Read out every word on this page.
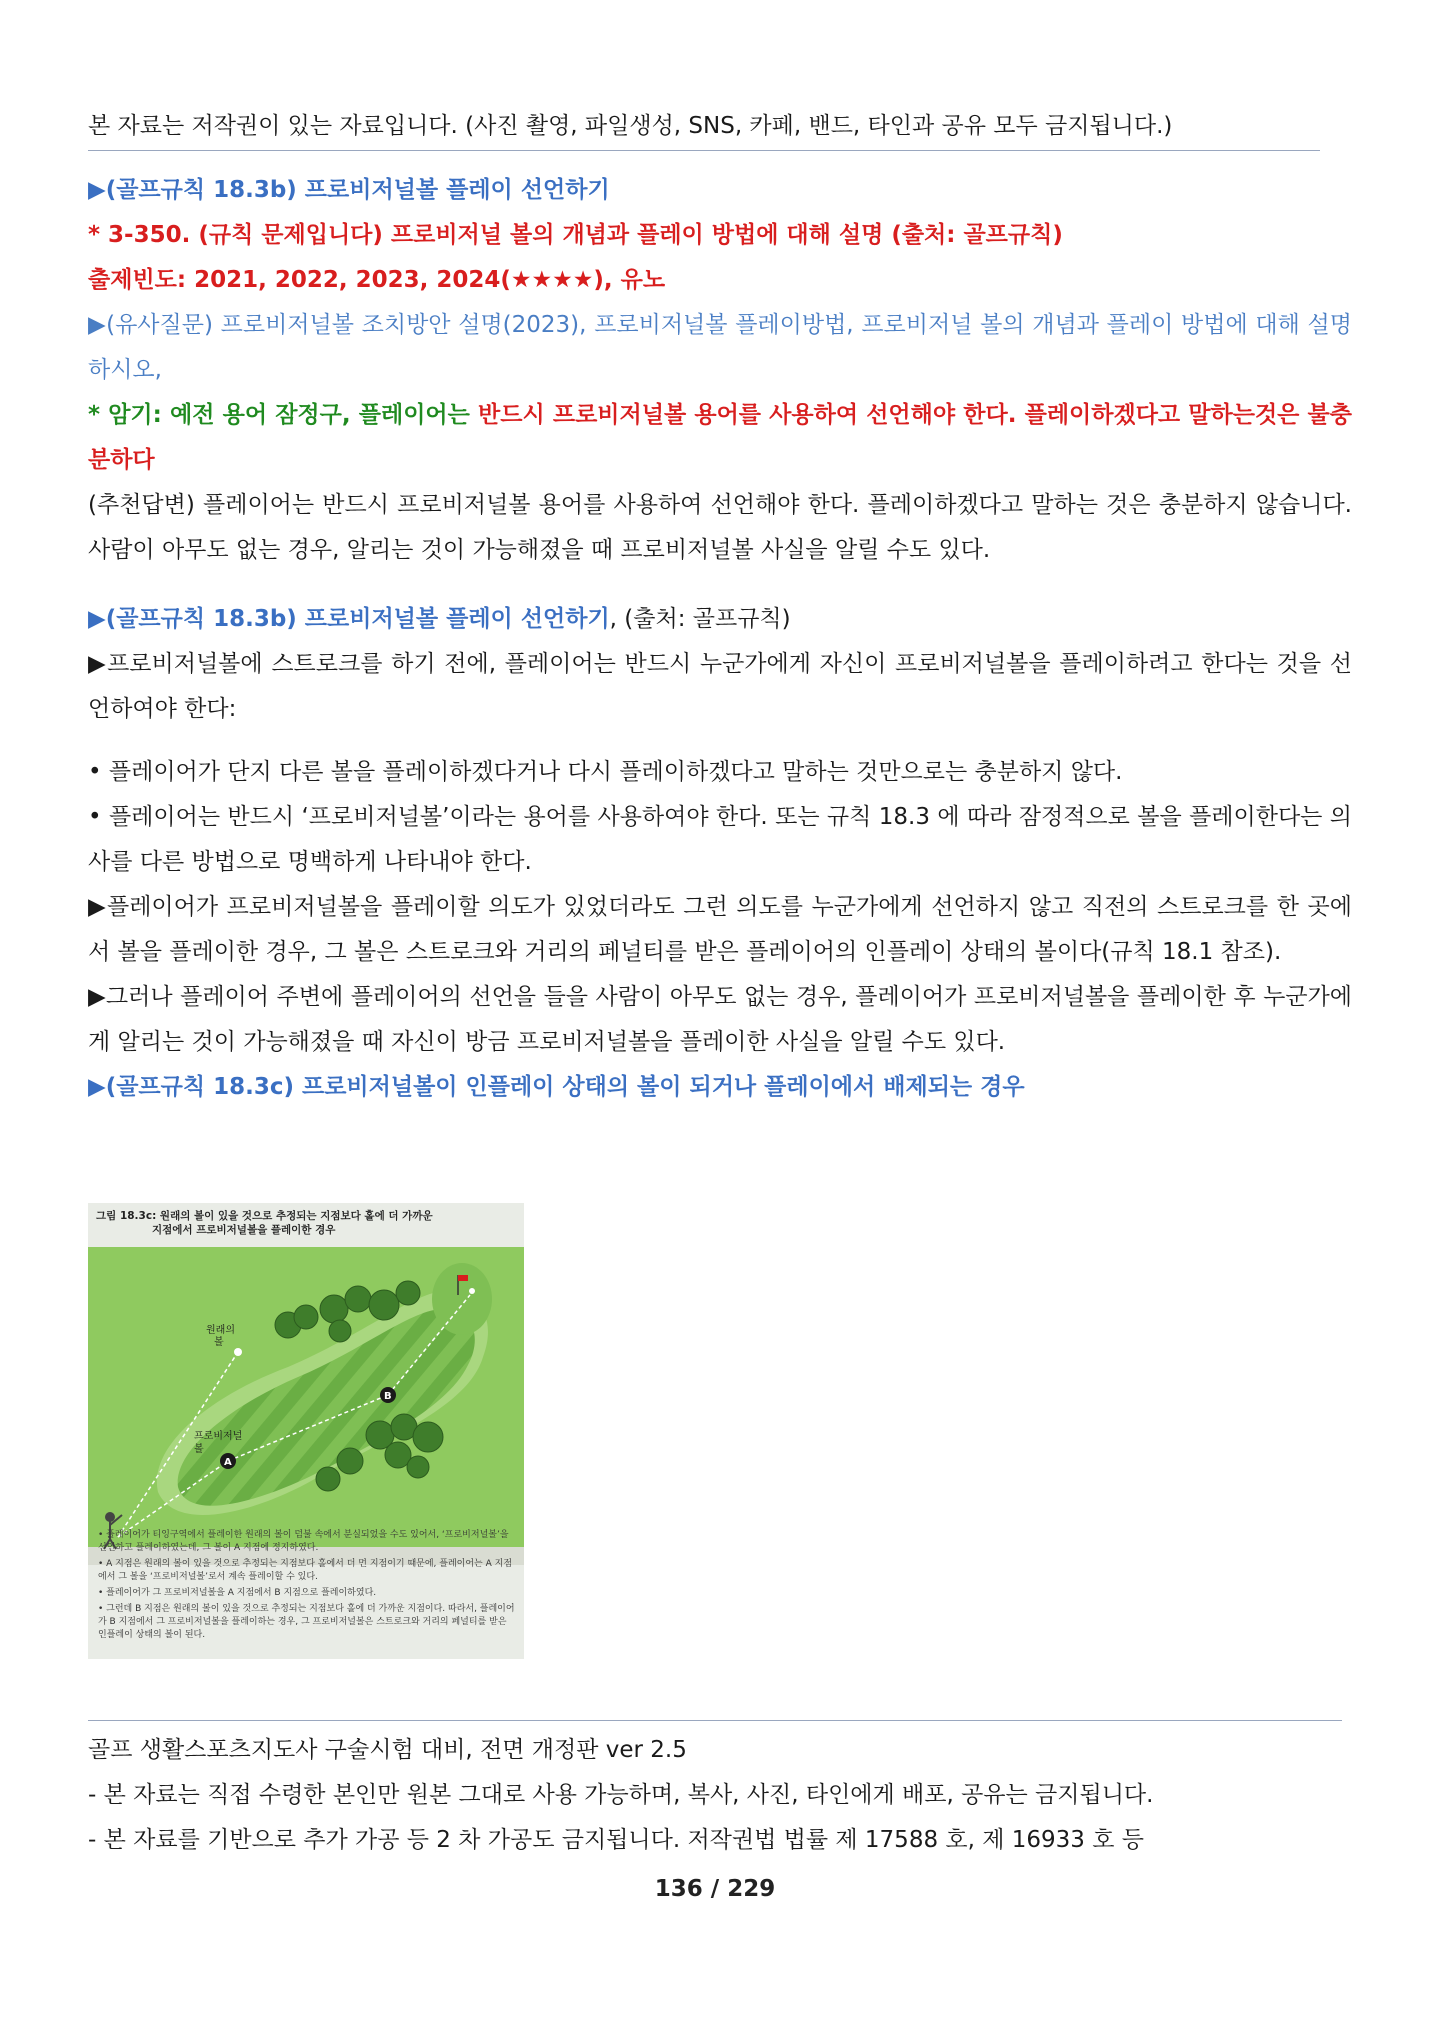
본 자료는 저작권이 있는 자료입니다. (사진 촬영, 파일생성, SNS, 카페, 밴드, 타인과 공유 모두 금지됩니다.)
▶(골프규칙 18.3b) 프로비저널볼 플레이 선언하기
* 3-350. (규칙 문제입니다) 프로비저널 볼의 개념과 플레이 방법에 대해 설명 (출처: 골프규칙)
출제빈도: 2021, 2022, 2023, 2024(★★★★), 유노
▶(유사질문) 프로비저널볼 조치방안 설명(2023), 프로비저널볼 플레이방법, 프로비저널 볼의 개념과 플레이 방법에 대해 설명하시오,
* 암기: 예전 용어 잠정구, 플레이어는 반드시 프로비저널볼 용어를 사용하여 선언해야 한다. 플레이하겠다고 말하는것은 불충분하다
(추천답변) 플레이어는 반드시 프로비저널볼 용어를 사용하여 선언해야 한다. 플레이하겠다고 말하는 것은 충분하지 않습니다. 사람이 아무도 없는 경우, 알리는 것이 가능해졌을 때 프로비저널볼 사실을 알릴 수도 있다.
▶(골프규칙 18.3b) 프로비저널볼 플레이 선언하기, (출처: 골프규칙)
▶프로비저널볼에 스트로크를 하기 전에, 플레이어는 반드시 누군가에게 자신이 프로비저널볼을 플레이하려고 한다는 것을 선언하여야 한다:
• 플레이어가 단지 다른 볼을 플레이하겠다거나 다시 플레이하겠다고 말하는 것만으로는 충분하지 않다.
• 플레이어는 반드시 ‘프로비저널볼’이라는 용어를 사용하여야 한다. 또는 규칙 18.3 에 따라 잠정적으로 볼을 플레이한다는 의사를 다른 방법으로 명백하게 나타내야 한다.
▶플레이어가 프로비저널볼을 플레이할 의도가 있었더라도 그런 의도를 누군가에게 선언하지 않고 직전의 스트로크를 한 곳에서 볼을 플레이한 경우, 그 볼은 스트로크와 거리의 페널티를 받은 플레이어의 인플레이 상태의 볼이다(규칙 18.1 참조).
▶그러나 플레이어 주변에 플레이어의 선언을 들을 사람이 아무도 없는 경우, 플레이어가 프로비저널볼을 플레이한 후 누군가에게 알리는 것이 가능해졌을 때 자신이 방금 프로비저널볼을 플레이한 사실을 알릴 수도 있다.
▶(골프규칙 18.3c) 프로비저널볼이 인플레이 상태의 볼이 되거나 플레이에서 배제되는 경우
그림 18.3c: 원래의 볼이 있을 것으로 추정되는 지점보다 홀에 더 가까운
지점에서 프로비저널볼을 플레이한 경우
원래의
볼
프로비저널
볼
A
B
• 플레이어가 티잉구역에서 플레이한 원래의 볼이 덤불 속에서 분실되었을 수도 있어서, ‘프로비저널볼’을 선언하고 플레이하였는데, 그 볼이 A 지점에 정지하였다.
• A 지점은 원래의 볼이 있을 것으로 추정되는 지점보다 홀에서 더 먼 지점이기 때문에, 플레이어는 A 지점에서 그 볼을 ‘프로비저널볼’로서 계속 플레이할 수 있다.
• 플레이어가 그 프로비저널볼을 A 지점에서 B 지점으로 플레이하였다.
• 그런데 B 지점은 원래의 볼이 있을 것으로 추정되는 지점보다 홀에 더 가까운 지점이다. 따라서, 플레이어가 B 지점에서 그 프로비저널볼을 플레이하는 경우, 그 프로비저널볼은 스트로크와 거리의 페널티를 받은 인플레이 상태의 볼이 된다.
골프 생활스포츠지도사 구술시험 대비, 전면 개정판 ver 2.5
- 본 자료는 직접 수령한 본인만 원본 그대로 사용 가능하며, 복사, 사진, 타인에게 배포, 공유는 금지됩니다.
- 본 자료를 기반으로 추가 가공 등 2 차 가공도 금지됩니다. 저작권법 법률 제 17588 호, 제 16933 호 등
136 / 229
